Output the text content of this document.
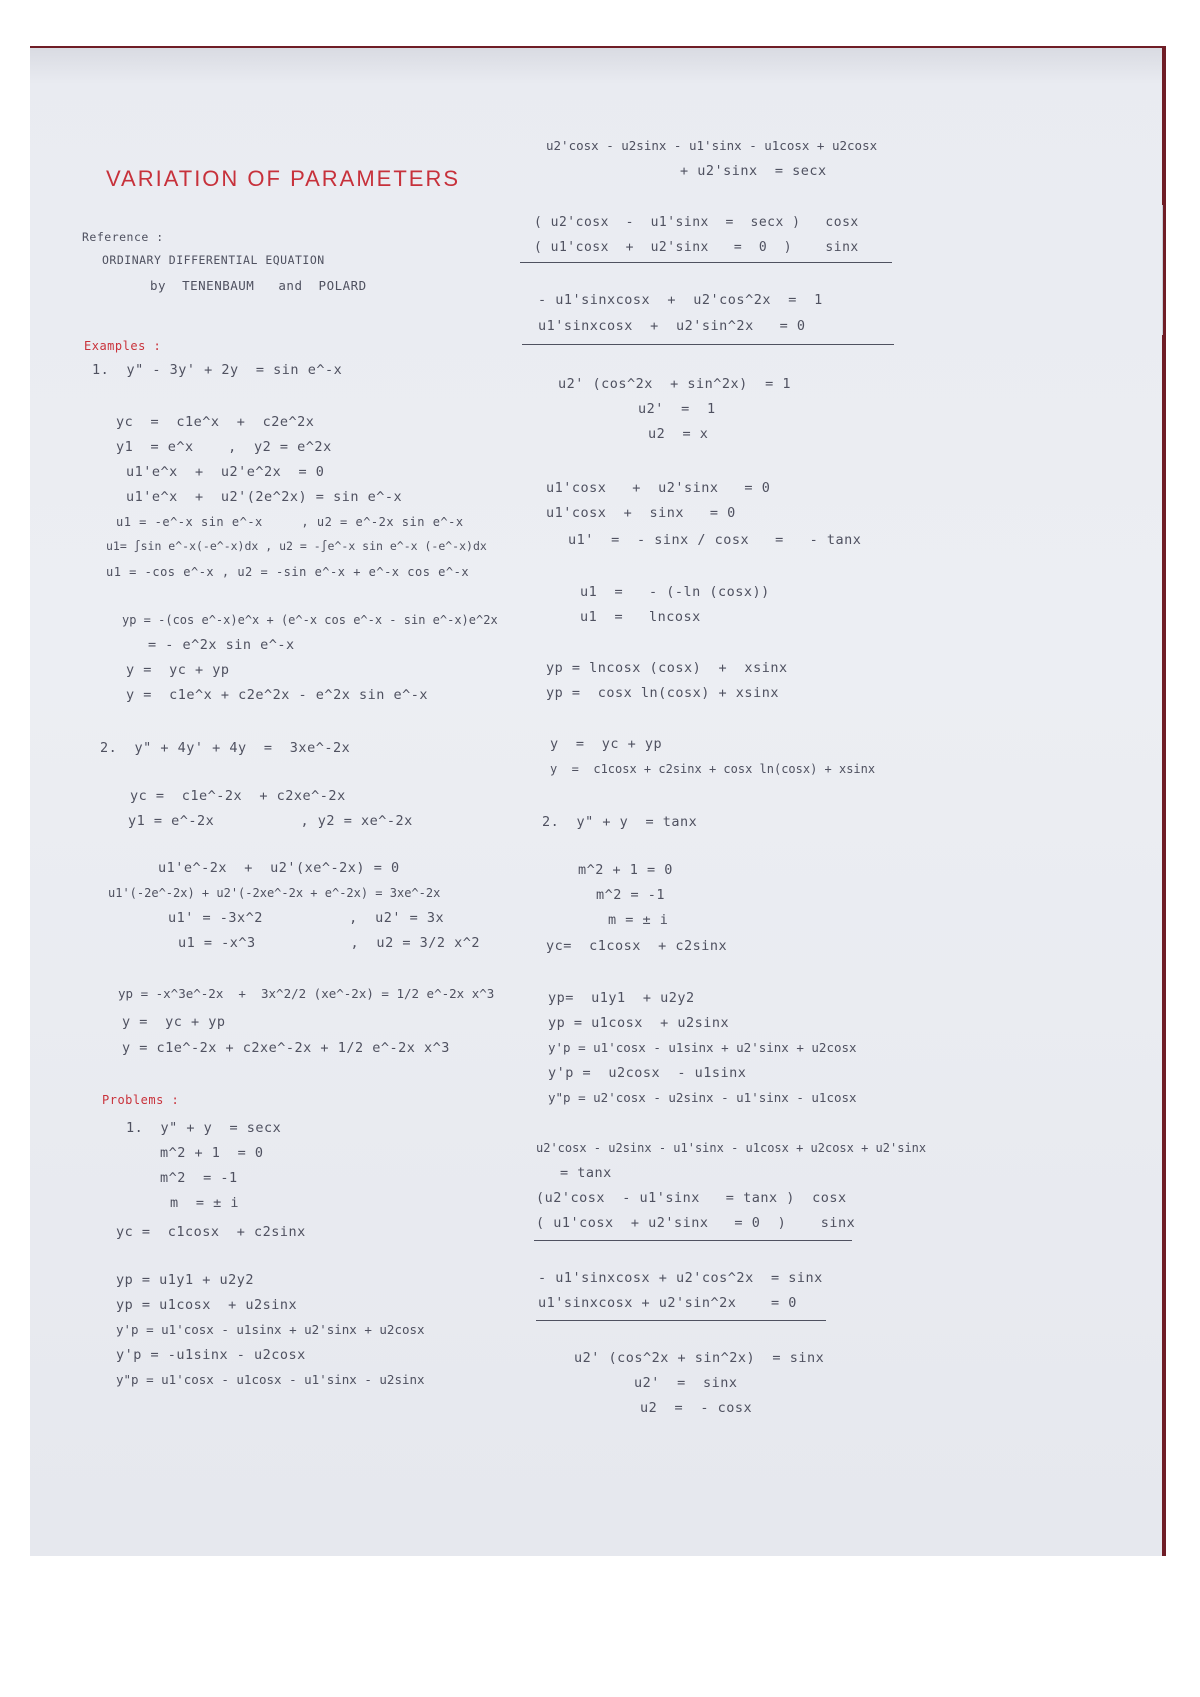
VARIATION OF PARAMETERS
Reference :
ORDINARY DIFFERENTIAL EQUATION
by  TENENBAUM   and  POLARD
Examples :
1.  y" - 3y' + 2y  = sin e^-x
yc  =  c1e^x  +  c2e^2x
y1  = e^x    ,  y2 = e^2x
u1'e^x  +  u2'e^2x  = 0
u1'e^x  +  u2'(2e^2x) = sin e^-x
u1 = -e^-x sin e^-x     , u2 = e^-2x sin e^-x
u1= ∫sin e^-x(-e^-x)dx , u2 = -∫e^-x sin e^-x (-e^-x)dx
u1 = -cos e^-x , u2 = -sin e^-x + e^-x cos e^-x
yp = -(cos e^-x)e^x + (e^-x cos e^-x - sin e^-x)e^2x
= - e^2x sin e^-x
y =  yc + yp
y =  c1e^x + c2e^2x - e^2x sin e^-x
2.  y" + 4y' + 4y  =  3xe^-2x
yc =  c1e^-2x  + c2xe^-2x
y1 = e^-2x          , y2 = xe^-2x
u1'e^-2x  +  u2'(xe^-2x) = 0
u1'(-2e^-2x) + u2'(-2xe^-2x + e^-2x) = 3xe^-2x
u1' = -3x^2          ,  u2' = 3x
u1 = -x^3           ,  u2 = 3/2 x^2
yp = -x^3e^-2x  +  3x^2/2 (xe^-2x) = 1/2 e^-2x x^3
y =  yc + yp
y = c1e^-2x + c2xe^-2x + 1/2 e^-2x x^3
Problems :
1.  y" + y  = secx
m^2 + 1  = 0
m^2  = -1
m  = ± i
yc =  c1cosx  + c2sinx
yp = u1y1 + u2y2
yp = u1cosx  + u2sinx
y'p = u1'cosx - u1sinx + u2'sinx + u2cosx
y'p = -u1sinx - u2cosx
y"p = u1'cosx - u1cosx - u1'sinx - u2sinx
u2'cosx - u2sinx - u1'sinx - u1cosx + u2cosx
+ u2'sinx  = secx
( u2'cosx  -  u1'sinx  =  secx )   cosx
( u1'cosx  +  u2'sinx   =  0  )    sinx
- u1'sinxcosx  +  u2'cos^2x  =  1
u1'sinxcosx  +  u2'sin^2x   = 0
u2' (cos^2x  + sin^2x)  = 1
u2'  =  1
u2  = x
u1'cosx   +  u2'sinx   = 0
u1'cosx  +  sinx   = 0
u1'  =  - sinx / cosx   =   - tanx
u1  =   - (-ln (cosx))
u1  =   lncosx
yp = lncosx (cosx)  +  xsinx
yp =  cosx ln(cosx) + xsinx
y  =  yc + yp
y  =  c1cosx + c2sinx + cosx ln(cosx) + xsinx
2.  y" + y  = tanx
m^2 + 1 = 0
m^2 = -1
m = ± i
yc=  c1cosx  + c2sinx
yp=  u1y1  + u2y2
yp = u1cosx  + u2sinx
y'p = u1'cosx - u1sinx + u2'sinx + u2cosx
y'p =  u2cosx  - u1sinx
y"p = u2'cosx - u2sinx - u1'sinx - u1cosx
u2'cosx - u2sinx - u1'sinx - u1cosx + u2cosx + u2'sinx
= tanx
(u2'cosx  - u1'sinx   = tanx )  cosx
( u1'cosx  + u2'sinx   = 0  )    sinx
- u1'sinxcosx + u2'cos^2x  = sinx
u1'sinxcosx + u2'sin^2x    = 0
u2' (cos^2x + sin^2x)  = sinx
u2'  =  sinx
u2  =  - cosx
